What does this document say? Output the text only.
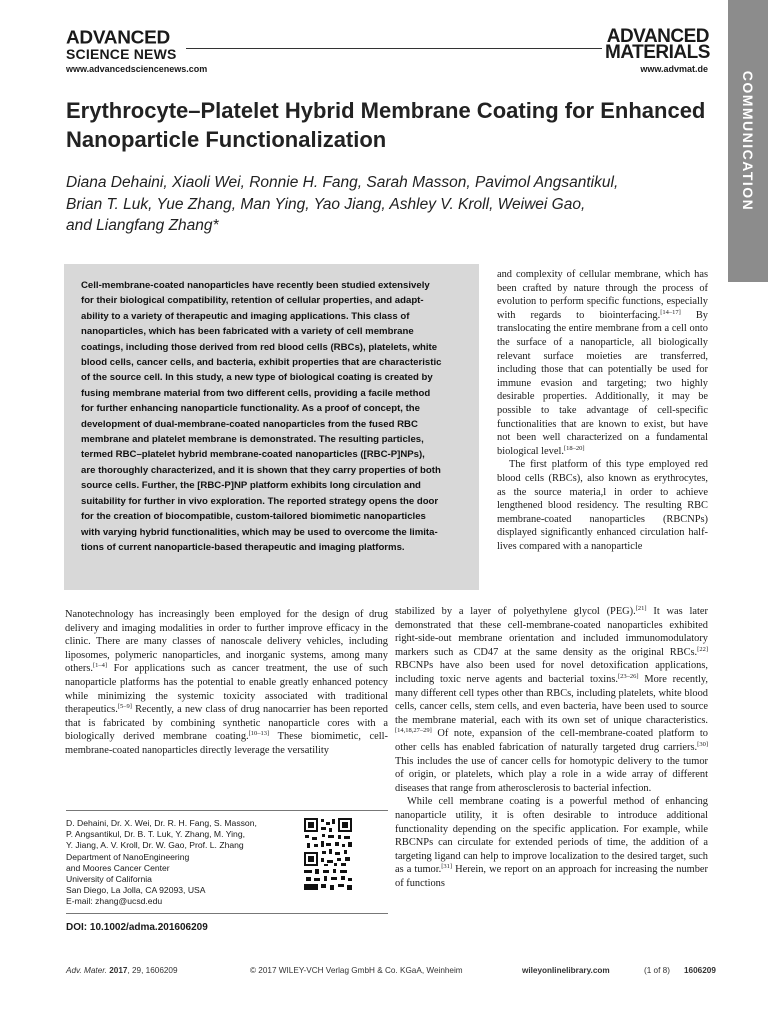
ADVANCED
SCIENCE NEWS
www.advancedsciencenews.com
ADVANCED
MATERIALS
www.advmat.de
COMMUNICATION
Erythrocyte–Platelet Hybrid Membrane Coating for Enhanced Nanoparticle Functionalization
Diana Dehaini, Xiaoli Wei, Ronnie H. Fang, Sarah Masson, Pavimol Angsantikul,
Brian T. Luk, Yue Zhang, Man Ying, Yao Jiang, Ashley V. Kroll, Weiwei Gao,
and Liangfang Zhang*
Cell-membrane-coated nanoparticles have recently been studied extensively
for their biological compatibility, retention of cellular properties, and adapt-
ability to a variety of therapeutic and imaging applications. This class of
nanoparticles, which has been fabricated with a variety of cell membrane
coatings, including those derived from red blood cells (RBCs), platelets, white
blood cells, cancer cells, and bacteria, exhibit properties that are characteristic
of the source cell. In this study, a new type of biological coating is created by
fusing membrane material from two different cells, providing a facile method
for further enhancing nanoparticle functionality. As a proof of concept, the
development of dual-membrane-coated nanoparticles from the fused RBC
membrane and platelet membrane is demonstrated. The resulting particles,
termed RBC–platelet hybrid membrane-coated nanoparticles ([RBC-P]NPs),
are thoroughly characterized, and it is shown that they carry properties of both
source cells. Further, the [RBC-P]NP platform exhibits long circulation and
suitability for further in vivo exploration. The reported strategy opens the door
for the creation of biocompatible, custom-tailored biomimetic nanoparticles
with varying hybrid functionalities, which may be used to overcome the limita-
tions of current nanoparticle-based therapeutic and imaging platforms.

and complexity of cellular membrane, which has been crafted by nature through the process of evolution to perform specific functions, especially with regards to biointerfacing.[14–17] By translocating the entire membrane from a cell onto the surface of a nanoparticle, all biologically relevant surface moieties are transferred, including those that can potentially be used for immune evasion and targeting; two highly desirable properties. Additionally, it may be possible to take advantage of cell-specific functionalities that are known to exist, but have not been well characterized on a fundamental biological level.[18–20]

The first platform of this type employed red blood cells (RBCs), also known as erythrocytes, as the source materia,l in order to achieve lengthened blood residency. The resulting RBC membrane-coated nanoparticles (RBCNPs) displayed significantly enhanced circulation half-lives compared with a nanoparticle

Nanotechnology has increasingly been employed for the design of drug delivery and imaging modalities in order to further improve efficacy in the clinic. There are many classes of nanoscale delivery vehicles, including liposomes, polymeric nanoparticles, and inorganic systems, among many others.[1–4] For applications such as cancer treatment, the use of such nanoparticle platforms has the potential to enable greatly enhanced potency while minimizing the systemic toxicity associated with traditional therapeutics.[5–9] Recently, a new class of drug nanocarrier has been reported that is fabricated by combining synthetic nanoparticle cores with a biologically derived membrane coating.[10–13] These biomimetic, cell-membrane-coated nanoparticles directly leverage the versatility

stabilized by a layer of polyethylene glycol (PEG).[21] It was later demonstrated that these cell-membrane-coated nanoparticles exhibited right-side-out membrane orientation and included immunomodulatory markers such as CD47 at the same density as the original RBCs.[22] RBCNPs have also been used for novel detoxification applications, including toxic nerve agents and bacterial toxins.[23–26] More recently, many different cell types other than RBCs, including platelets, white blood cells, cancer cells, stem cells, and even bacteria, have been used to source the membrane material, each with its own set of unique characteristics.[14,18,27–29] Of note, expansion of the cell-membrane-coated platform to other cells has enabled fabrication of naturally targeted drug carriers.[30] This includes the use of cancer cells for homotypic delivery to the tumor of origin, or platelets, which play a role in a wide array of different diseases that range from atherosclerosis to bacterial infection.

While cell membrane coating is a powerful method of enhancing nanoparticle utility, it is often desirable to introduce additional functionality depending on the specific application. For example, while RBCNPs can circulate for extended periods of time, the addition of a targeting ligand can help to improve localization to the desired target, such as a tumor.[31] Herein, we report on an approach for increasing the number of functions

D. Dehaini, Dr. X. Wei, Dr. R. H. Fang, S. Masson,
P. Angsantikul, Dr. B. T. Luk, Y. Zhang, M. Ying,
Y. Jiang, A. V. Kroll, Dr. W. Gao, Prof. L. Zhang
Department of NanoEngineering
and Moores Cancer Center
University of California
San Diego, La Jolla, CA 92093, USA
E-mail: zhang@ucsd.edu
DOI: 10.1002/adma.201606209
Adv. Mater. 2017, 29, 1606209	© 2017 WILEY-VCH Verlag GmbH & Co. KGaA, Weinheim	wileyonlinelibrary.com	(1 of 8) 1606209
